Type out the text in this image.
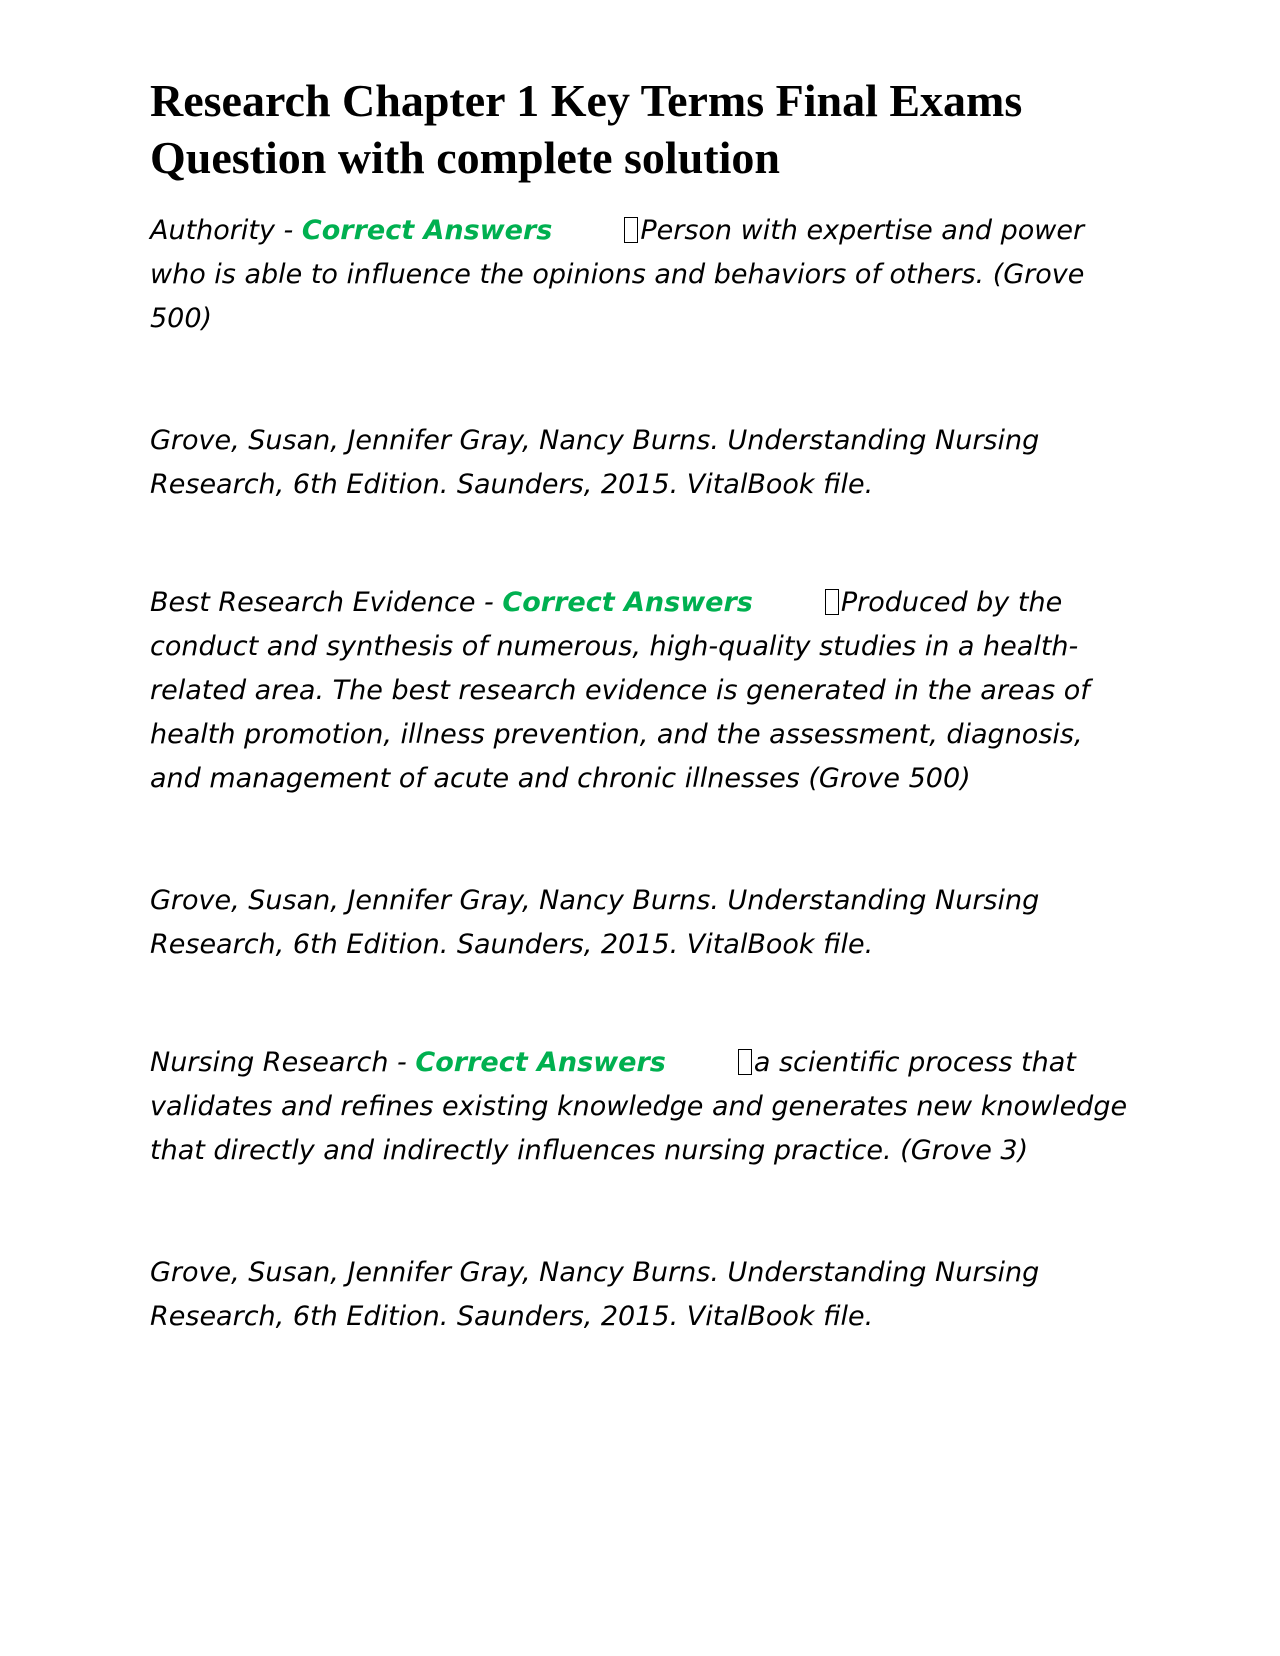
Research Chapter 1 Key Terms Final Exams Question with complete solution

Authority - Correct Answers	Person with expertise and power who is able to influence the opinions and behaviors of others. (Grove 500)

Grove, Susan, Jennifer Gray, Nancy Burns. Understanding Nursing Research, 6th Edition. Saunders, 2015. VitalBook file.

Best Research Evidence - Correct Answers	Produced by the conduct and synthesis of numerous, high-quality studies in a health-related area. The best research evidence is generated in the areas of health promotion, illness prevention, and the assessment, diagnosis, and management of acute and chronic illnesses (Grove 500)

Grove, Susan, Jennifer Gray, Nancy Burns. Understanding Nursing Research, 6th Edition. Saunders, 2015. VitalBook file.

Nursing Research - Correct Answers	a scientific process that validates and refines existing knowledge and generates new knowledge that directly and indirectly influences nursing practice. (Grove 3)

Grove, Susan, Jennifer Gray, Nancy Burns. Understanding Nursing Research, 6th Edition. Saunders, 2015. VitalBook file.
